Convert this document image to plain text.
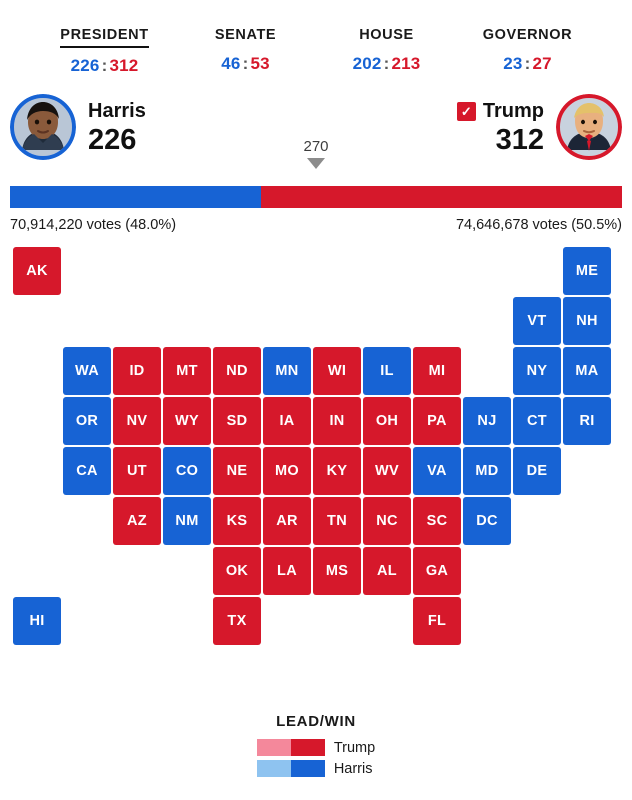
PRESIDENT
226 : 312
SENATE
46 : 53
HOUSE
202 : 213
GOVERNOR
23 : 27
Harris
226
✓ Trump
312
270
70,914,220 votes (48.0%)	74,646,678 votes (50.5%)
AK	ME
VT NH
WA ID MT ND MN WI IL MI	NY MA
OR NV WY SD IA IN OH PA NJ CT RI
CA UT CO NE MO KY WV VA MD DE
AZ NM KS AR TN NC SC DC
OK LA MS AL GA
HI	TX	FL
LEAD/WIN
Trump
Harris
